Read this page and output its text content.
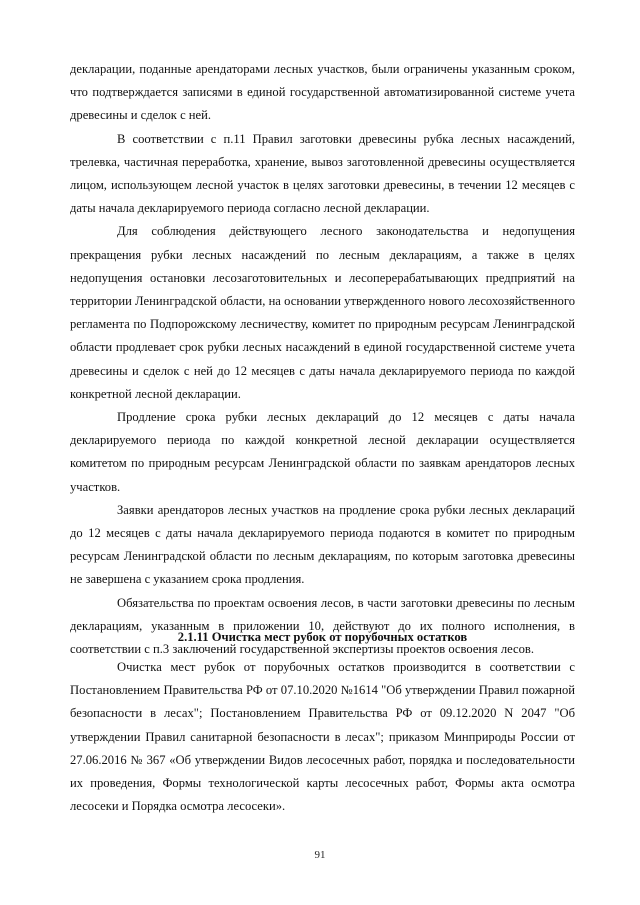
декларации, поданные арендаторами лесных участков, были ограничены указанным сроком, что подтверждается записями в единой государственной автоматизированной системе учета древесины и сделок с ней.

В соответствии с п.11 Правил заготовки древесины рубка лесных насаждений, трелевка, частичная переработка, хранение, вывоз заготовленной древесины осуществляется лицом, использующем лесной участок в целях заготовки древесины, в течении 12 месяцев с даты начала декларируемого периода согласно лесной декларации.

Для соблюдения действующего лесного законодательства и недопущения прекращения рубки лесных насаждений по лесным декларациям, а также в целях недопущения остановки лесозаготовительных и лесоперерабатывающих предприятий на территории Ленинградской области, на основании утвержденного нового лесохозяйственного регламента по Подпорожскому лесничеству, комитет по природным ресурсам Ленинградской области продлевает срок рубки лесных насаждений в единой государственной системе учета древесины и сделок с ней до 12 месяцев с даты начала декларируемого периода по каждой конкретной лесной декларации.

Продление срока рубки лесных деклараций до 12 месяцев с даты начала декларируемого периода по каждой конкретной лесной декларации осуществляется комитетом по природным ресурсам Ленинградской области по заявкам арендаторов лесных участков.

Заявки арендаторов лесных участков на продление срока рубки лесных деклараций до 12 месяцев с даты начала декларируемого периода подаются в комитет по природным ресурсам Ленинградской области по лесным декларациям, по которым заготовка древесины не завершена с указанием срока продления.

Обязательства по проектам освоения лесов, в части заготовки древесины по лесным декларациям, указанным в приложении 10, действуют до их полного исполнения, в соответствии с п.3 заключений государственной экспертизы проектов освоения лесов.

2.1.11 Очистка мест рубок от порубочных остатков

Очистка мест рубок от порубочных остатков производится в соответствии с Постановлением Правительства РФ от 07.10.2020 №1614 "Об утверждении Правил пожарной безопасности в лесах"; Постановлением Правительства РФ от 09.12.2020 N 2047 "Об утверждении Правил санитарной безопасности в лесах"; приказом Минприроды России от 27.06.2016 № 367 «Об утверждении Видов лесосечных работ, порядка и последовательности их проведения, Формы технологической карты лесосечных работ, Формы акта осмотра лесосеки и Порядка осмотра лесосеки».

91
